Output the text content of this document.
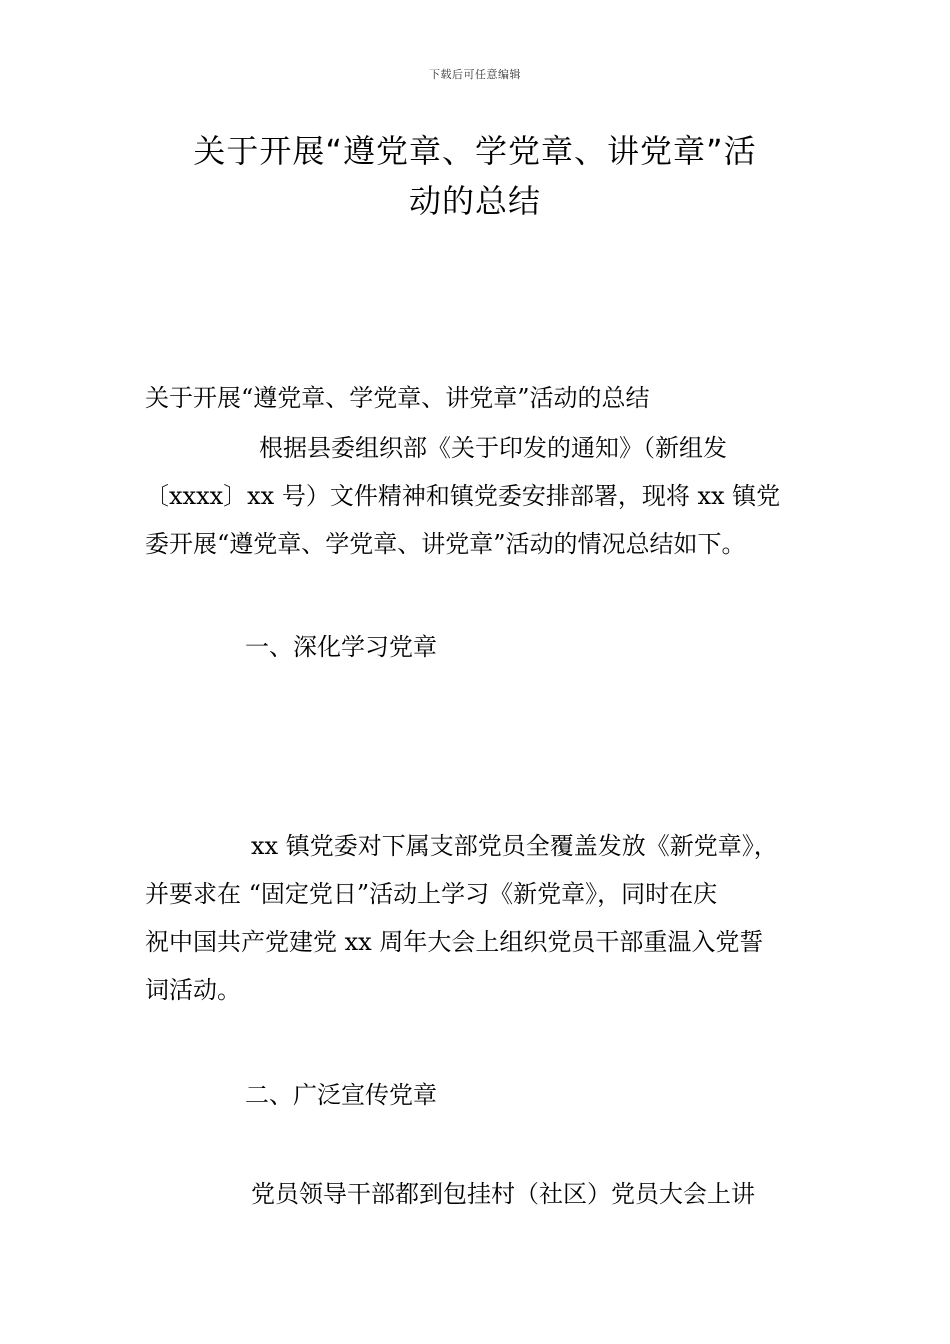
下载后可任意编辑
关于开展“遵党章、学党章、讲党章”活
动的总结
关于开展“遵党章、学党章、讲党章”活动的总结
根据县委组织部《关于印发的通知》（新组发
〔xxxx〕xx 号）文件精神和镇党委安排部署，现将 xx 镇党
委开展“遵党章、学党章、讲党章”活动的情况总结如下。
一、深化学习党章
xx 镇党委对下属支部党员全覆盖发放《新党章》，
并要求在 “固定党日”活动上学习《新党章》，同时在庆
祝中国共产党建党 xx 周年大会上组织党员干部重温入党誓
词活动。
二、广泛宣传党章
党员领导干部都到包挂村（社区）党员大会上讲
